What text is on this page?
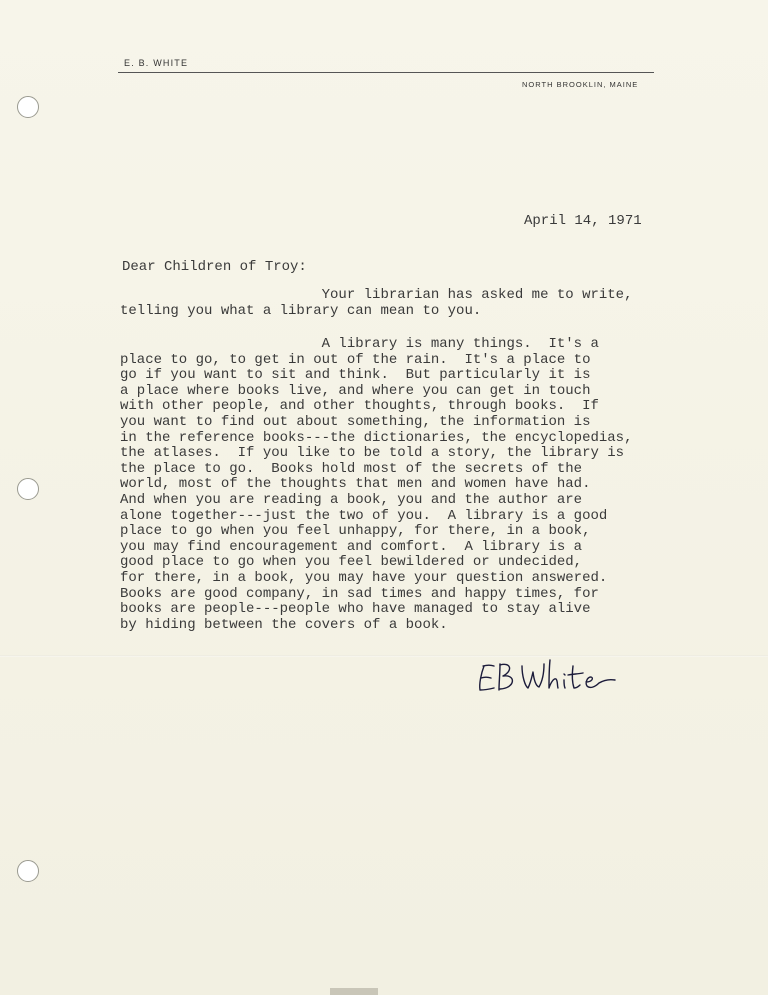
E. B. WHITE
NORTH BROOKLIN, MAINE
April 14, 1971
Dear Children of Troy:
Your librarian has asked me to write,
telling you what a library can mean to you.
A library is many things.  It's a
place to go, to get in out of the rain.  It's a place to
go if you want to sit and think.  But particularly it is
a place where books live, and where you can get in touch
with other people, and other thoughts, through books.  If
you want to find out about something, the information is
in the reference books---the dictionaries, the encyclopedias,
the atlases.  If you like to be told a story, the library is
the place to go.  Books hold most of the secrets of the
world, most of the thoughts that men and women have had.
And when you are reading a book, you and the author are
alone together---just the two of you.  A library is a good
place to go when you feel unhappy, for there, in a book,
you may find encouragement and comfort.  A library is a
good place to go when you feel bewildered or undecided,
for there, in a book, you may have your question answered.
Books are good company, in sad times and happy times, for
books are people---people who have managed to stay alive
by hiding between the covers of a book.
